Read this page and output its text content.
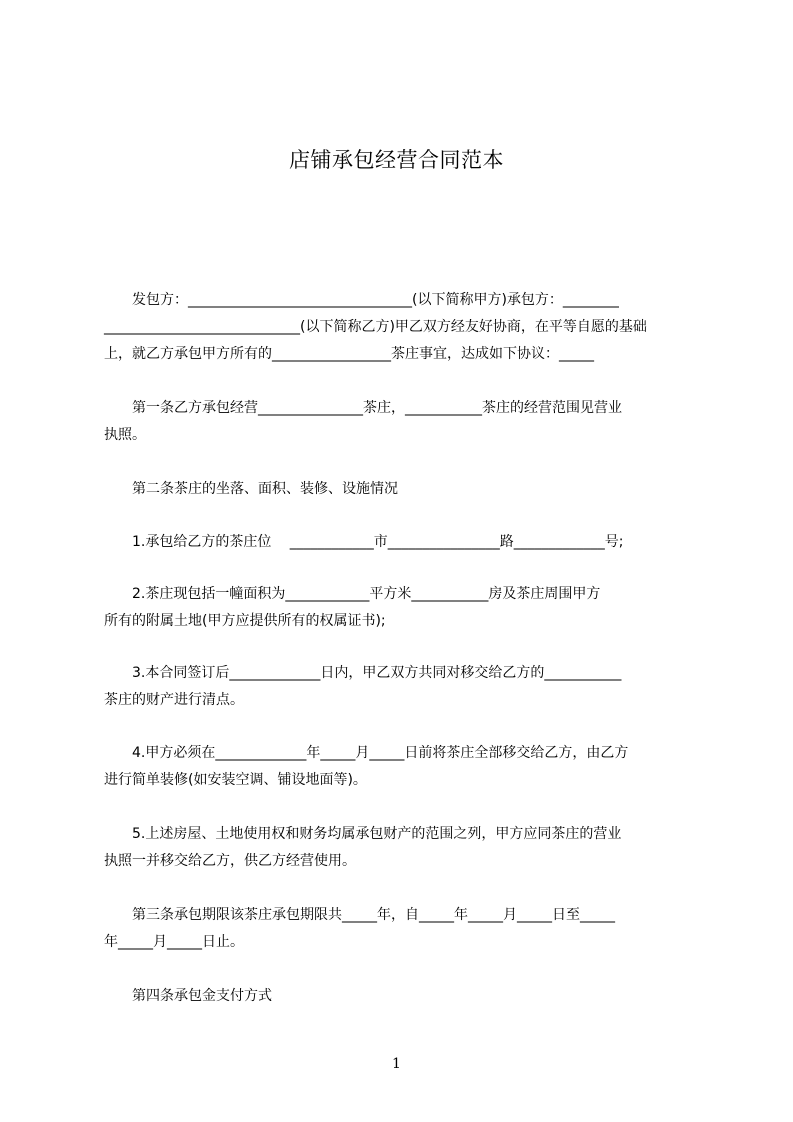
店铺承包经营合同范本

　　发包方：________________________________(以下简称甲方)承包方：________
____________________________(以下简称乙方)甲乙双方经友好协商，在平等自愿的基础
上，就乙方承包甲方所有的_________________茶庄事宜，达成如下协议：_____

　　第一条乙方承包经营_______________茶庄，___________茶庄的经营范围见营业
执照。

　　第二条茶庄的坐落、面积、装修、设施情况

　　1.承包给乙方的茶庄位　 ____________市________________路_____________号;

　　2.茶庄现包括一幢面积为____________平方米___________房及茶庄周围甲方
所有的附属土地(甲方应提供所有的权属证书);

　　3.本合同签订后_____________日内，甲乙双方共同对移交给乙方的___________
茶庄的财产进行清点。

　　4.甲方必须在_____________年_____月_____日前将茶庄全部移交给乙方，由乙方
进行简单装修(如安装空调、铺设地面等)。

　　5.上述房屋、土地使用权和财务均属承包财产的范围之列，甲方应同茶庄的营业
执照一并移交给乙方，供乙方经营使用。

　　第三条承包期限该茶庄承包期限共_____年，自_____年_____月_____日至_____
年_____月_____日止。

　　第四条承包金支付方式

1
